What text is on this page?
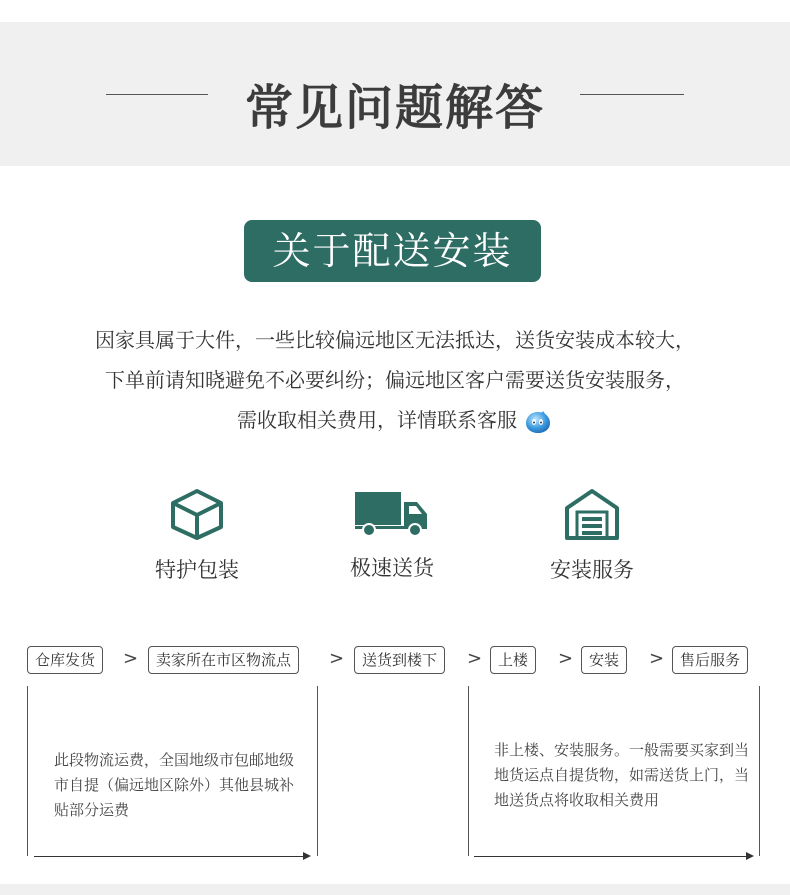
常见问题解答
关于配送安装
因家具属于大件，一些比较偏远地区无法抵达，送货安装成本较大，
下单前请知晓避免不必要纠纷；偏远地区客户需要送货安装服务，
需收取相关费用，详情联系客服
特护包装	极速送货	安装服务
仓库发货	>	卖家所在市区物流点	>	送货到楼下	>	上楼	>	安装	>	售后服务
此段物流运费，全国地级市包邮地级市自提（偏远地区除外）其他县城补贴部分运费
非上楼、安装服务。一般需要买家到当地货运点自提货物，如需送货上门，当地送货点将收取相关费用
